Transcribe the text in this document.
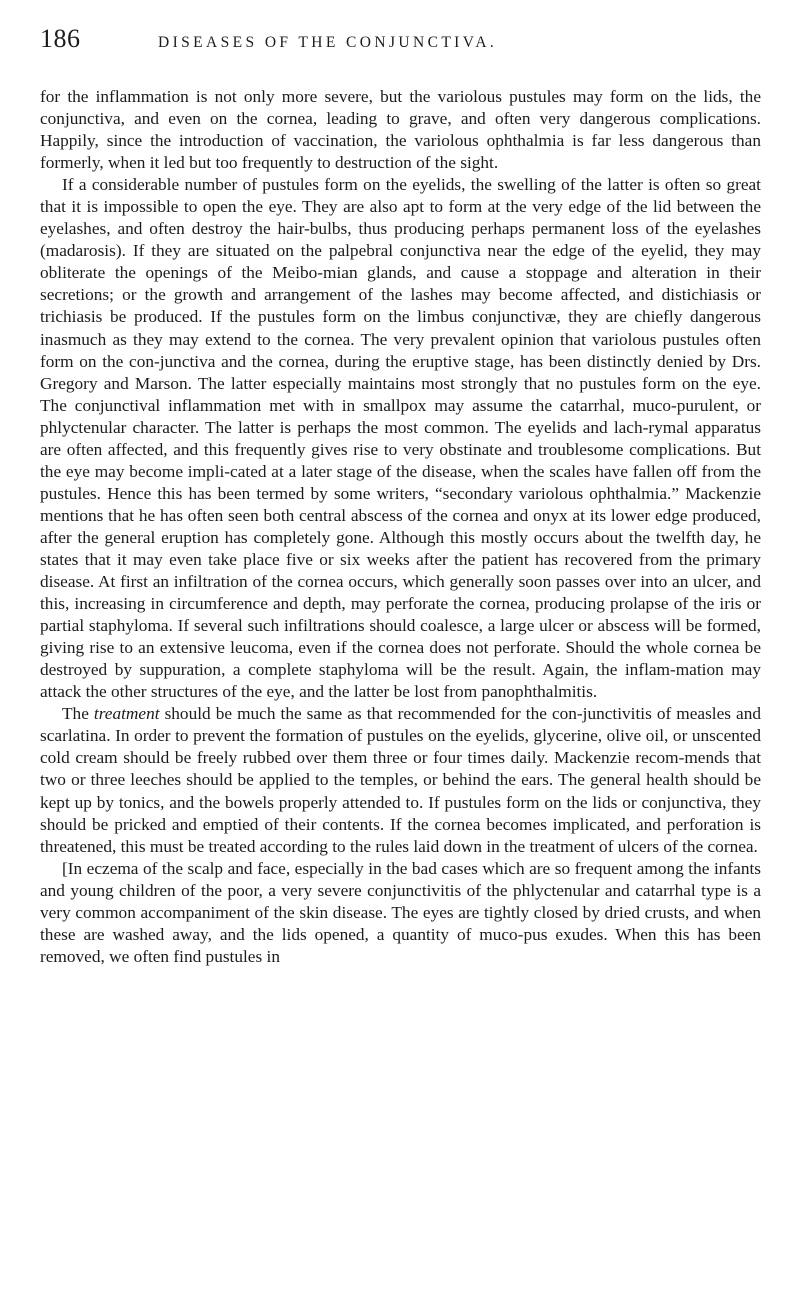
186	DISEASES OF THE CONJUNCTIVA.

for the inflammation is not only more severe, but the variolous pustules may form on the lids, the conjunctiva, and even on the cornea, leading to grave, and often very dangerous complications. Happily, since the introduction of vaccination, the variolous ophthalmia is far less dangerous than formerly, when it led but too frequently to destruction of the sight.

If a considerable number of pustules form on the eyelids, the swelling of the latter is often so great that it is impossible to open the eye. They are also apt to form at the very edge of the lid between the eyelashes, and often destroy the hair-bulbs, thus producing perhaps permanent loss of the eyelashes (madarosis). If they are situated on the palpebral conjunctiva near the edge of the eyelid, they may obliterate the openings of the Meibo-mian glands, and cause a stoppage and alteration in their secretions; or the growth and arrangement of the lashes may become affected, and distichiasis or trichiasis be produced. If the pustules form on the limbus conjunctivæ, they are chiefly dangerous inasmuch as they may extend to the cornea. The very prevalent opinion that variolous pustules often form on the con-junctiva and the cornea, during the eruptive stage, has been distinctly denied by Drs. Gregory and Marson. The latter especially maintains most strongly that no pustules form on the eye. The conjunctival inflammation met with in smallpox may assume the catarrhal, muco-purulent, or phlyctenular character. The latter is perhaps the most common. The eyelids and lach-rymal apparatus are often affected, and this frequently gives rise to very obstinate and troublesome complications. But the eye may become impli-cated at a later stage of the disease, when the scales have fallen off from the pustules. Hence this has been termed by some writers, “secondary variolous ophthalmia.” Mackenzie mentions that he has often seen both central abscess of the cornea and onyx at its lower edge produced, after the general eruption has completely gone. Although this mostly occurs about the twelfth day, he states that it may even take place five or six weeks after the patient has recovered from the primary disease. At first an infiltration of the cornea occurs, which generally soon passes over into an ulcer, and this, increasing in circumference and depth, may perforate the cornea, producing prolapse of the iris or partial staphyloma. If several such infiltrations should coalesce, a large ulcer or abscess will be formed, giving rise to an extensive leucoma, even if the cornea does not perforate. Should the whole cornea be destroyed by suppuration, a complete staphyloma will be the result. Again, the inflam-mation may attack the other structures of the eye, and the latter be lost from panophthalmitis.

The treatment should be much the same as that recommended for the con-junctivitis of measles and scarlatina. In order to prevent the formation of pustules on the eyelids, glycerine, olive oil, or unscented cold cream should be freely rubbed over them three or four times daily. Mackenzie recom-mends that two or three leeches should be applied to the temples, or behind the ears. The general health should be kept up by tonics, and the bowels properly attended to. If pustules form on the lids or conjunctiva, they should be pricked and emptied of their contents. If the cornea becomes implicated, and perforation is threatened, this must be treated according to the rules laid down in the treatment of ulcers of the cornea.

[In eczema of the scalp and face, especially in the bad cases which are so frequent among the infants and young children of the poor, a very severe conjunctivitis of the phlyctenular and catarrhal type is a very common accompaniment of the skin disease. The eyes are tightly closed by dried crusts, and when these are washed away, and the lids opened, a quantity of muco-pus exudes. When this has been removed, we often find pustules in
